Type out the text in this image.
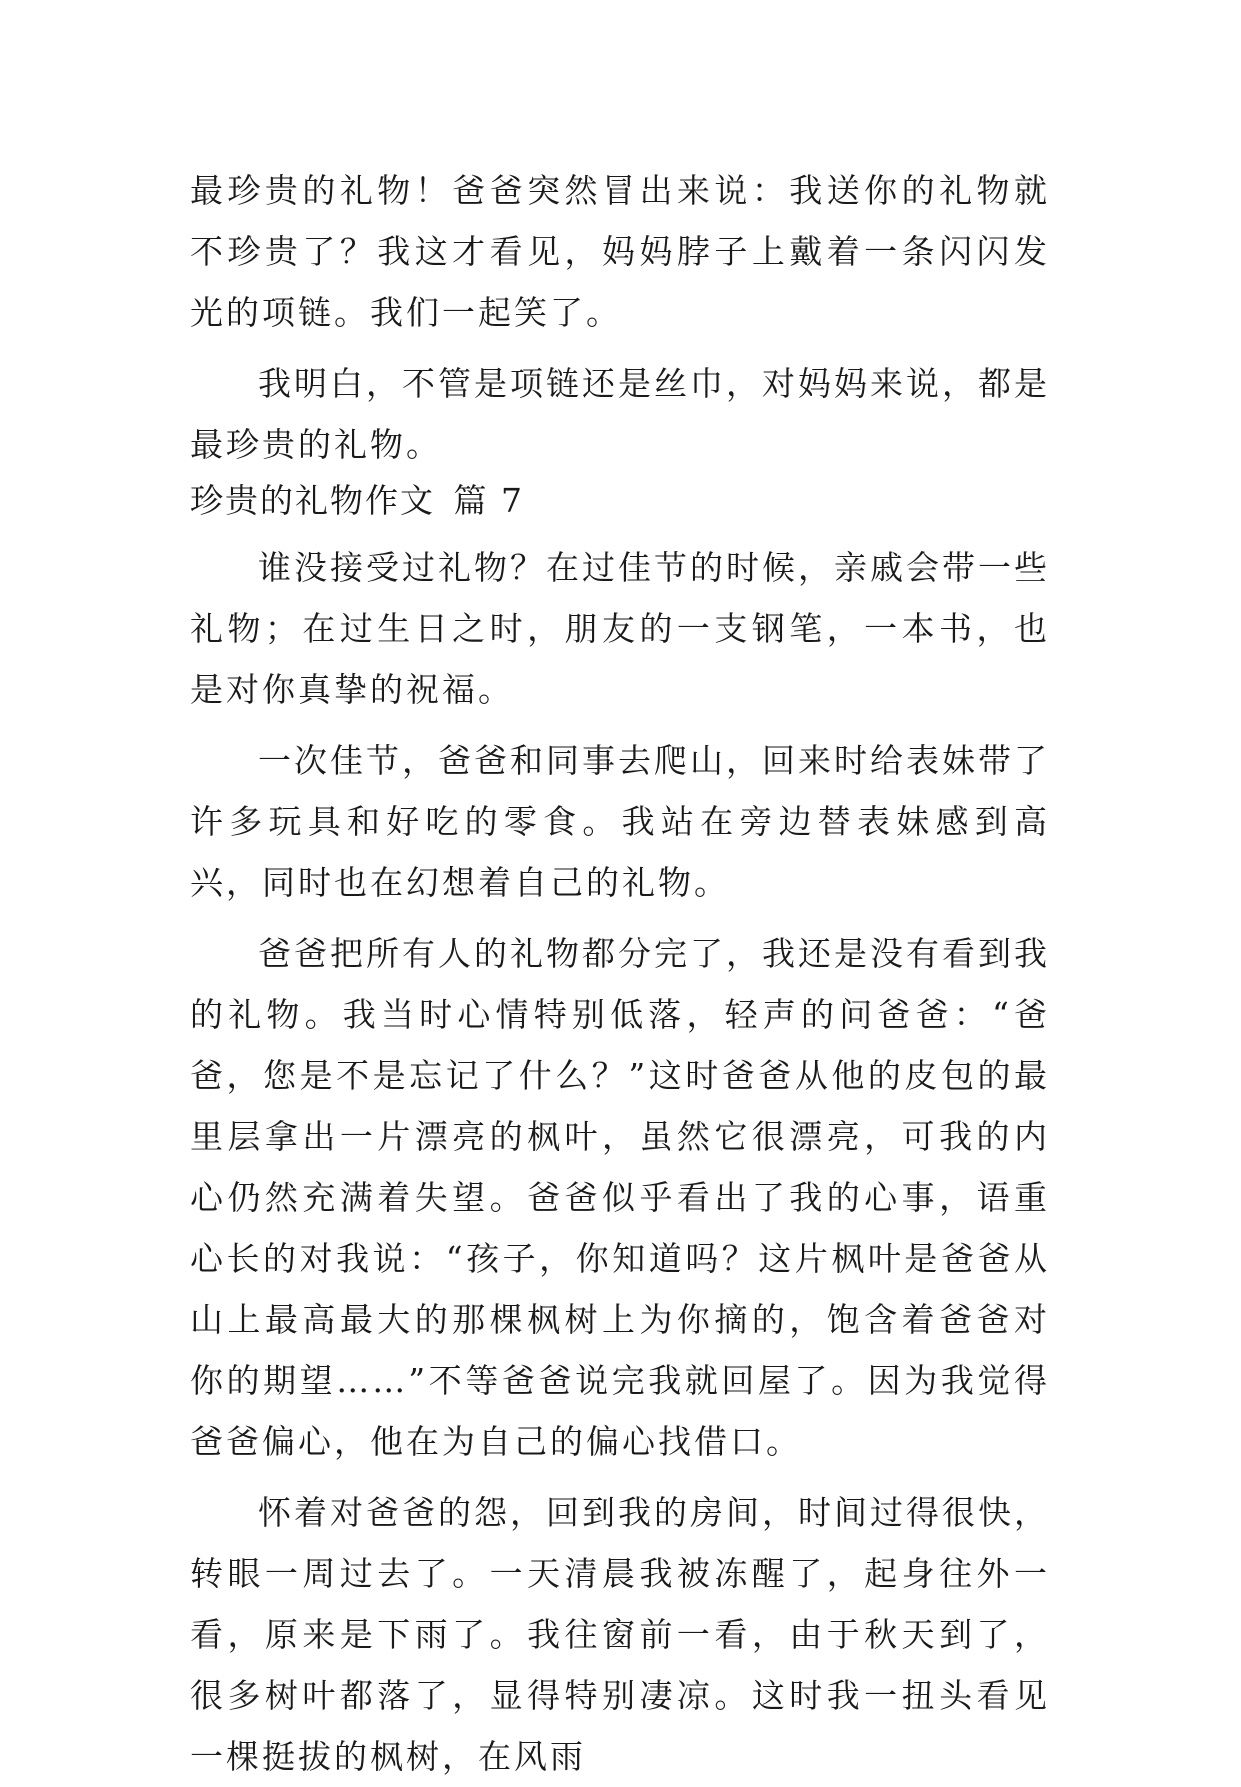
最珍贵的礼物！爸爸突然冒出来说：我送你的礼物就不珍贵了？我这才看见，妈妈脖子上戴着一条闪闪发光的项链。我们一起笑了。

我明白，不管是项链还是丝巾，对妈妈来说，都是最珍贵的礼物。

珍贵的礼物作文 篇 7

谁没接受过礼物？在过佳节的时候，亲戚会带一些礼物；在过生日之时，朋友的一支钢笔，一本书，也是对你真挚的祝福。

一次佳节，爸爸和同事去爬山，回来时给表妹带了许多玩具和好吃的零食。我站在旁边替表妹感到高兴，同时也在幻想着自己的礼物。

爸爸把所有人的礼物都分完了，我还是没有看到我的礼物。我当时心情特别低落，轻声的问爸爸：“爸爸，您是不是忘记了什么？”这时爸爸从他的皮包的最里层拿出一片漂亮的枫叶，虽然它很漂亮，可我的内心仍然充满着失望。爸爸似乎看出了我的心事，语重心长的对我说：“孩子，你知道吗？这片枫叶是爸爸从山上最高最大的那棵枫树上为你摘的，饱含着爸爸对你的期望……”不等爸爸说完我就回屋了。因为我觉得爸爸偏心，他在为自己的偏心找借口。

怀着对爸爸的怨，回到我的房间，时间过得很快，转眼一周过去了。一天清晨我被冻醒了，起身往外一看，原来是下雨了。我往窗前一看，由于秋天到了，很多树叶都落了，显得特别凄凉。这时我一扭头看见一棵挺拔的枫树，在风雨
